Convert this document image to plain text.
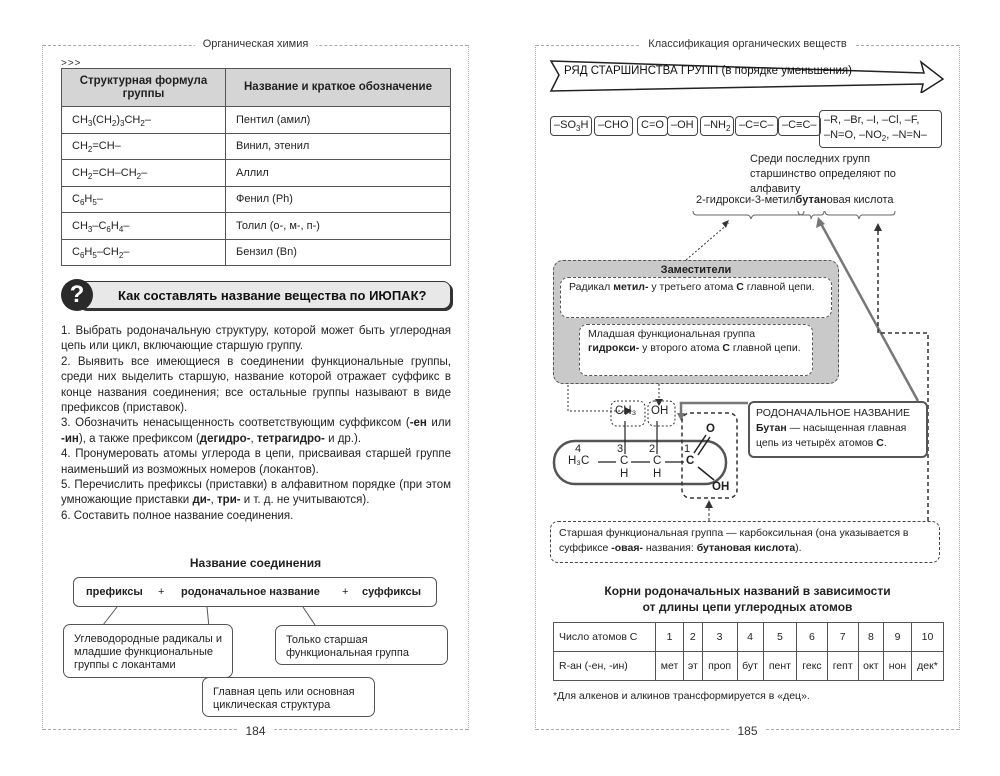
Органическая химия
>>>
Структурная формула группы	Название и краткое обозначение
$CH_3(CH_2)_3CH_2-$	Пентил (амил)
$CH_2=CH-$	Винил, этенил
$CH_2=CH-CH_2-$	Аллил
$C_6H_5-$	Фенил (Ph)
$CH_3-C_6H_4-$	Толил (о-, м-, п-)
$C_6H_5-CH_2-$	Бензил (Bn)
Как составлять название вещества по ИЮПАК?
?

1. Выбрать родоначальную структуру, которой может быть углеродная цепь или цикл, включающие старшую группу.

2. Выявить все имеющиеся в соединении функциональные группы, среди них выделить старшую, название которой отражает суффикс в конце названия соединения; все остальные группы называют в виде префиксов (приставок).

3. Обозначить ненасыщенность соответствующим суффиксом (-ен или -ин), а также префиксом (дегидро-, тетрагидро- и др.).

4. Пронумеровать атомы углерода в цепи, присваивая старшей группе наименьший из возможных номеров (локантов).

5. Перечислить префиксы (приставки) в алфавитном порядке (при этом умножающие приставки ди-, три- и т. д. не учитываются).

6. Составить полное название соединения.

Название соединения
префиксы + родоначальное название + суффиксы
Углеводородные радикалы и младшие функциональные группы с локантами
Только старшая функциональная группа
Главная цепь или основная циклическая структура
184
Классификация органических веществ
РЯД СТАРШИНСТВА ГРУПП (в порядке уменьшения)
$-SO_3H$ –CHO	C=O –OH $-NH_2$ –C=C– –C≡C– –R, –Br, –I, –Cl, –F,
–N=O, $-NO_2$, –N=N–
Среди последних групп старшинство определяют по алфавиту
2-гидрокси-3-метилбутановая кислота
CH₃ OH
4	3 2	1
H₃C	C C C
H H
O
OH
Заместители
Радикал метил- у третьего атома С главной цепи.
Младшая функциональная группа гидрокси- у второго атома С главной цепи.
РОДОНАЧАЛЬНОЕ НАЗВАНИЕ
Бутан — насыщенная главная цепь из четырёх атомов С.
Старшая функциональная группа — карбоксильная (она указывается в суффиксе -овая- названия: бутановая кислота).
Корни родоначальных названий в зависимости
от длины цепи углеродных атомов
Число атомов C	1	2	3	4	5	6	7	8	9	10
R-ан (-ен, -ин)	мет	эт	проп	бут	пент	гекс	гепт	окт	нон	дек*
*Для алкенов и алкинов трансформируется в «дец».
185
